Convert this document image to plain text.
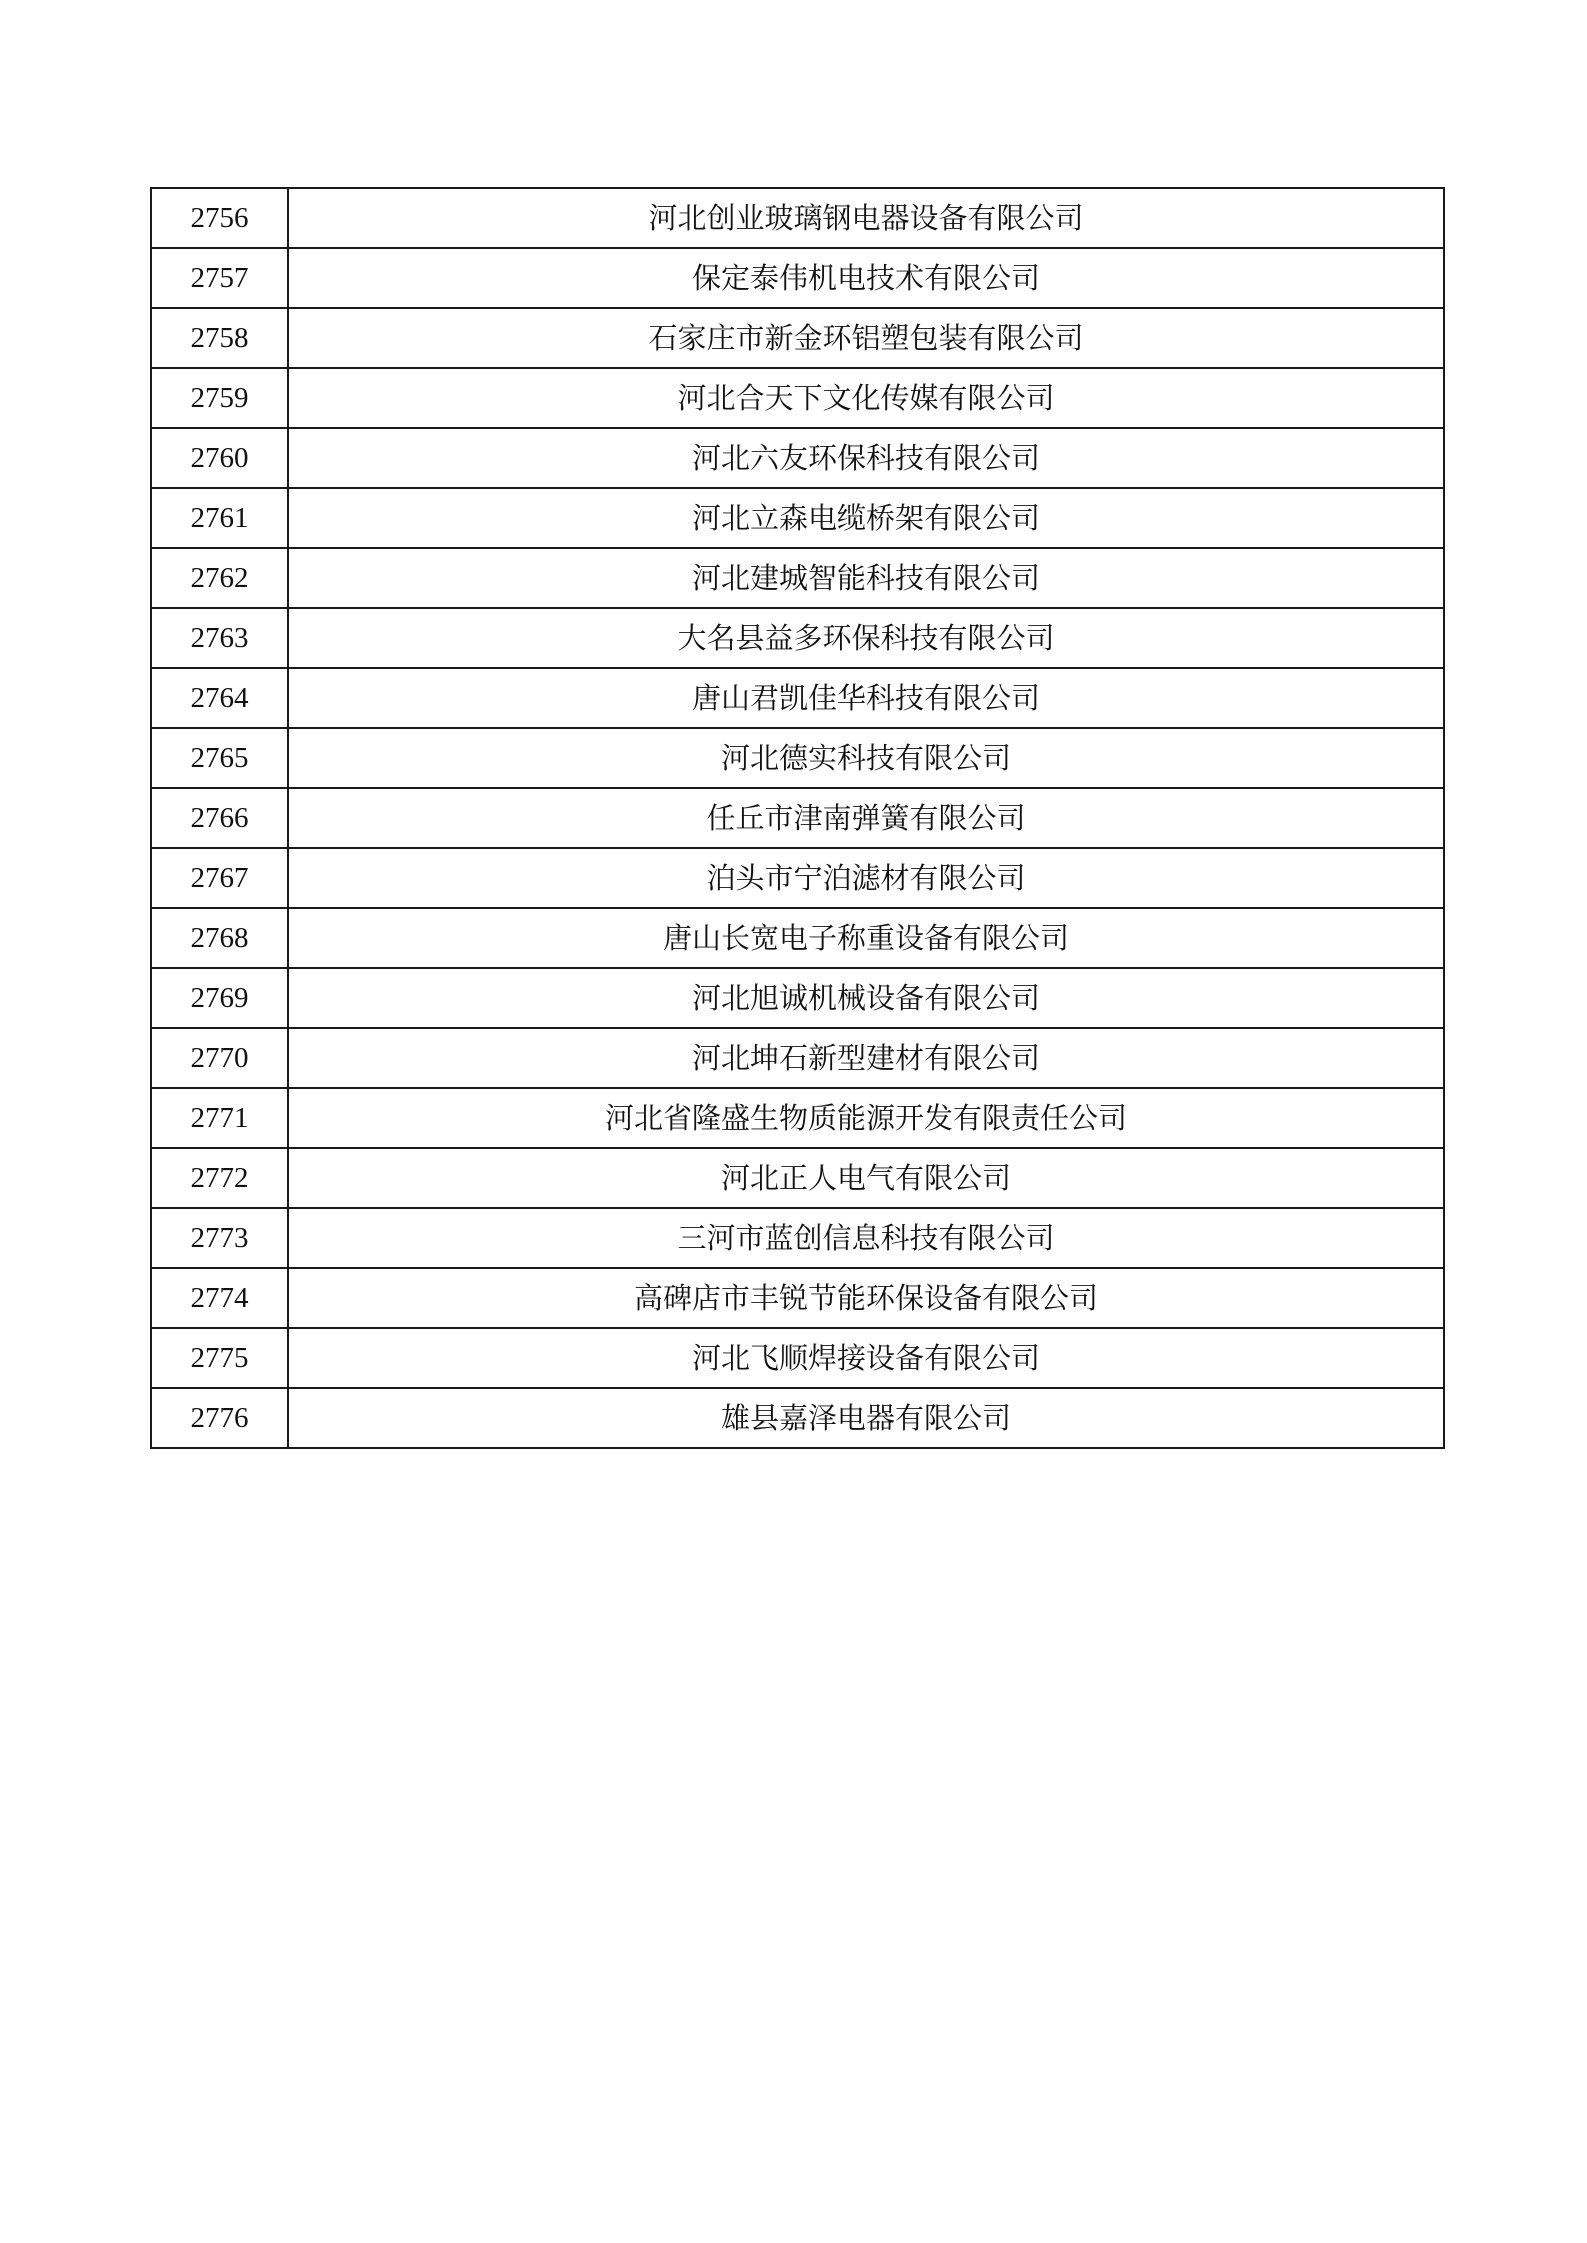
2756	河北创业玻璃钢电器设备有限公司
2757	保定泰伟机电技术有限公司
2758	石家庄市新金环铝塑包装有限公司
2759	河北合天下文化传媒有限公司
2760	河北六友环保科技有限公司
2761	河北立森电缆桥架有限公司
2762	河北建城智能科技有限公司
2763	大名县益多环保科技有限公司
2764	唐山君凯佳华科技有限公司
2765	河北德实科技有限公司
2766	任丘市津南弹簧有限公司
2767	泊头市宁泊滤材有限公司
2768	唐山长宽电子称重设备有限公司
2769	河北旭诚机械设备有限公司
2770	河北坤石新型建材有限公司
2771	河北省隆盛生物质能源开发有限责任公司
2772	河北正人电气有限公司
2773	三河市蓝创信息科技有限公司
2774	高碑店市丰锐节能环保设备有限公司
2775	河北飞顺焊接设备有限公司
2776	雄县嘉泽电器有限公司
